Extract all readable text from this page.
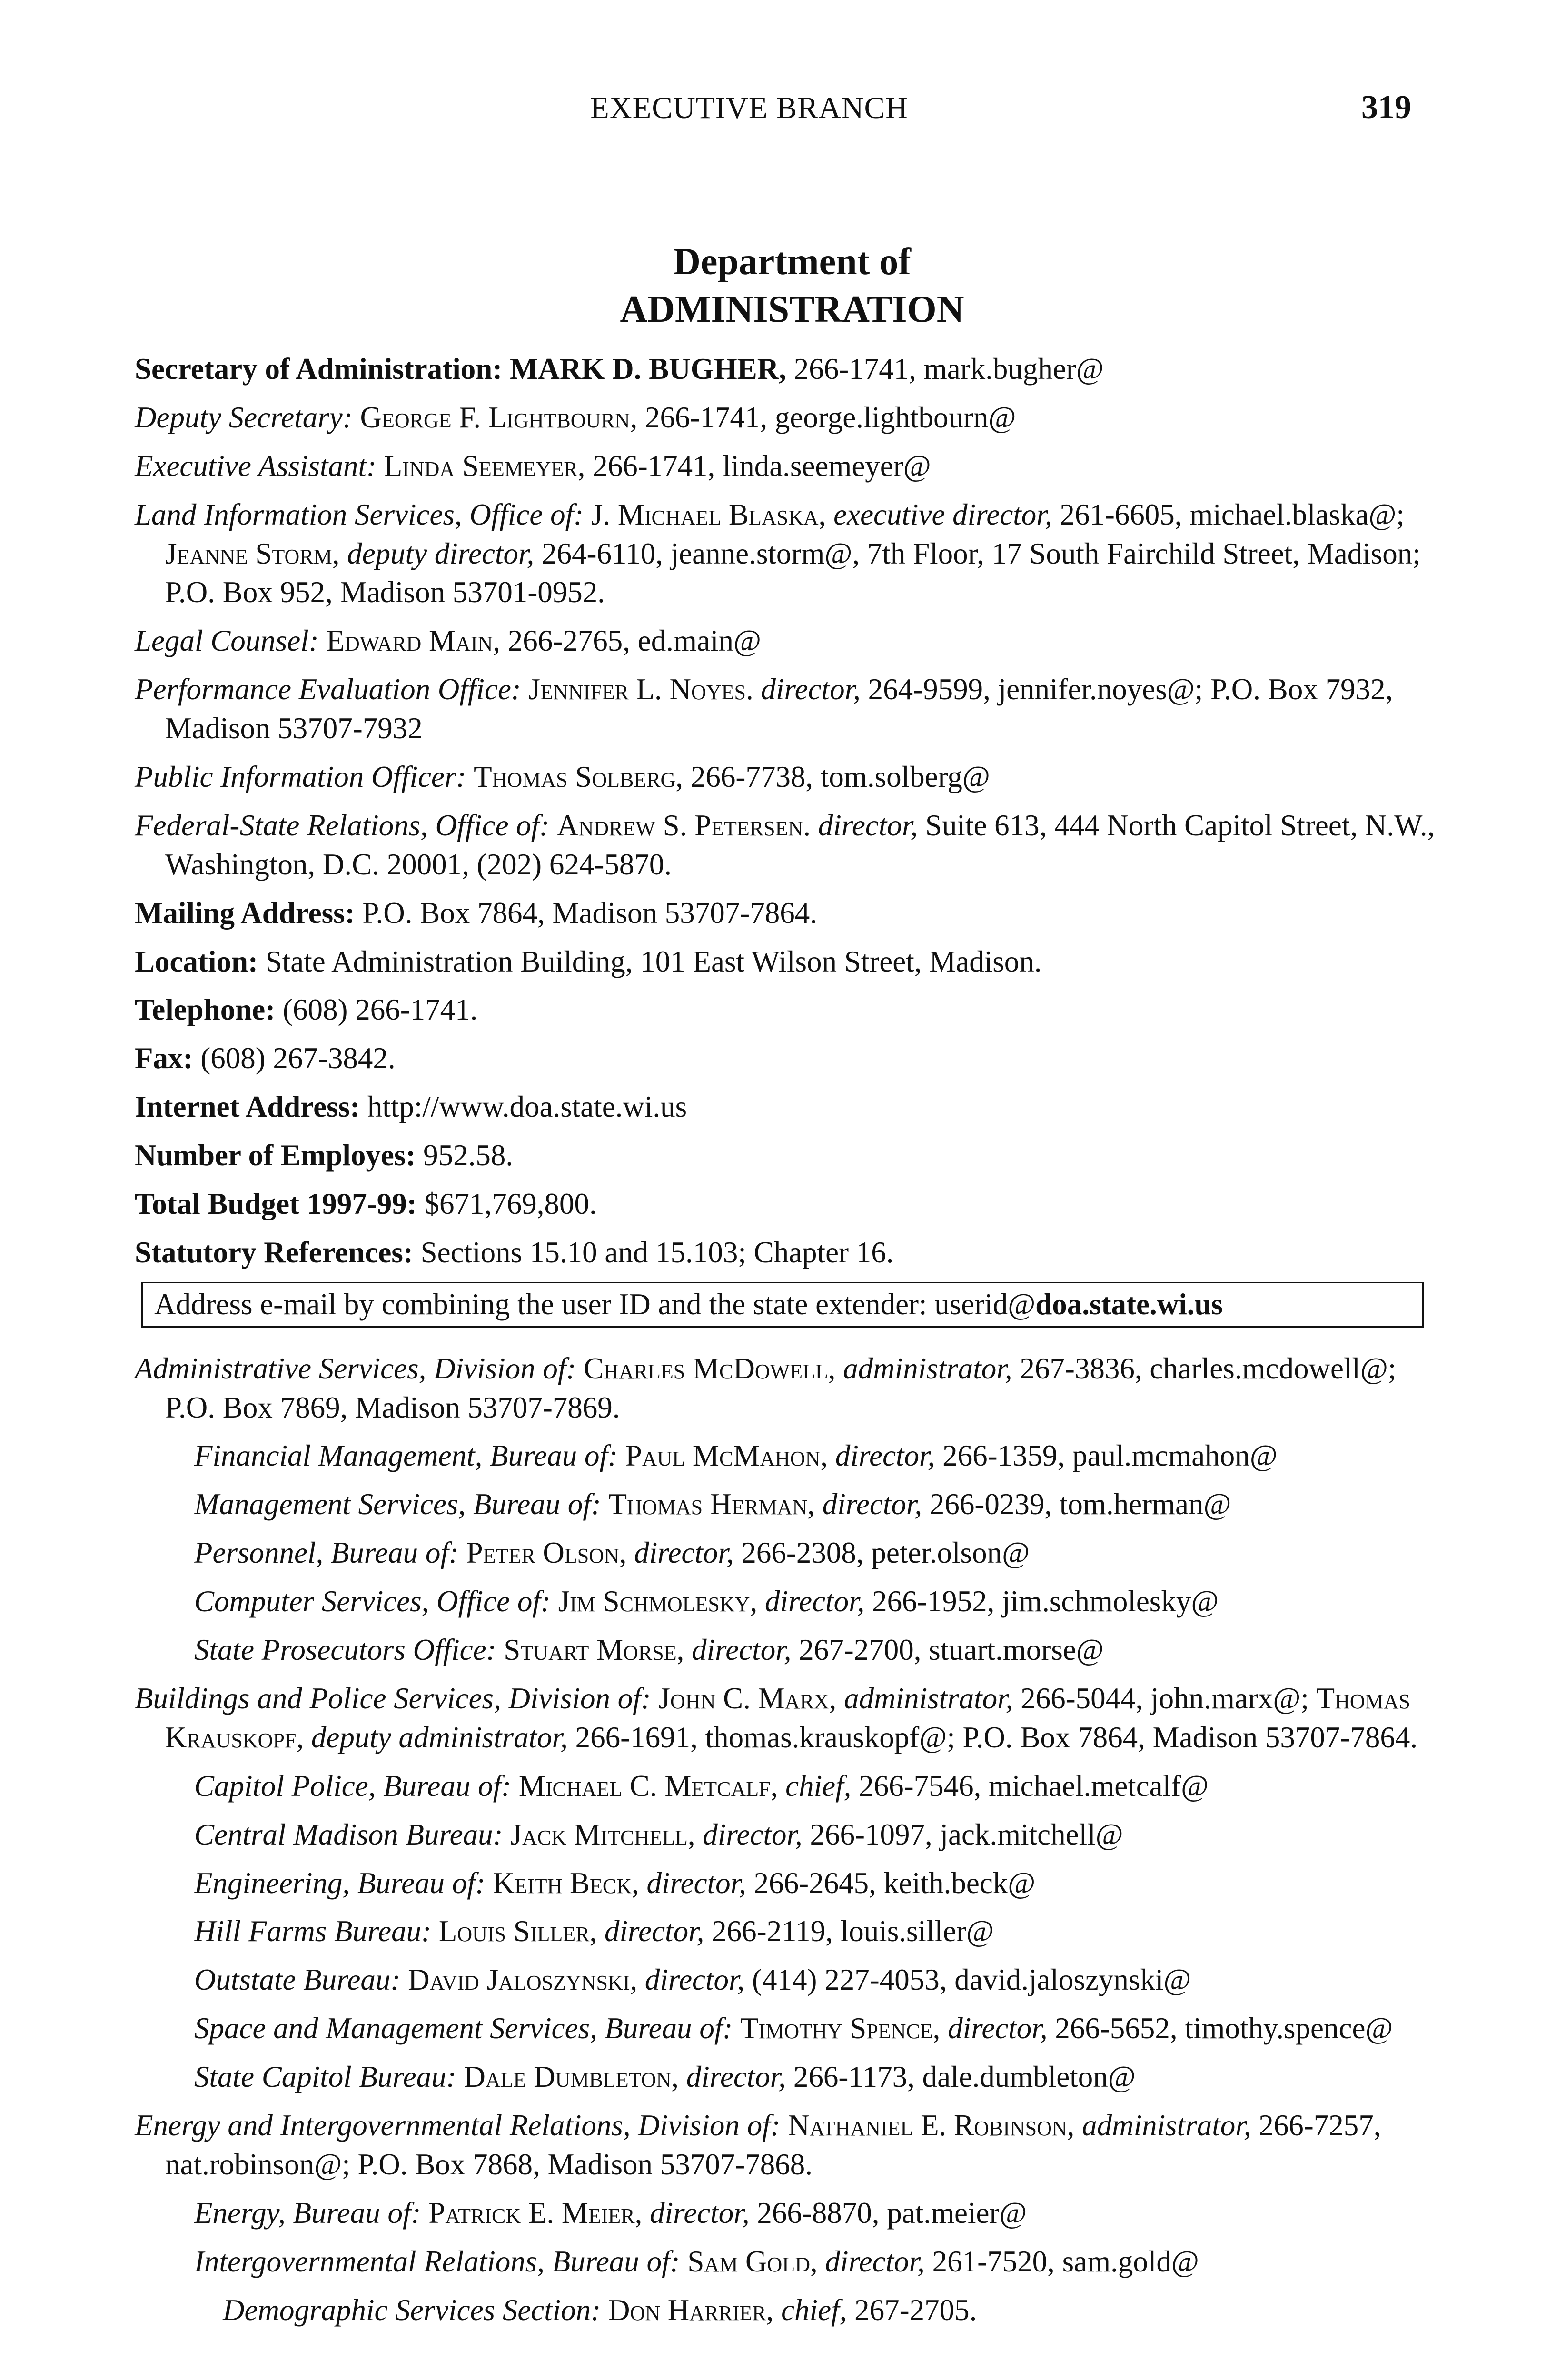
EXECUTIVE BRANCH	319
Department of
ADMINISTRATION
Secretary of Administration: MARK D. BUGHER, 266-1741, mark.bugher@
Deputy Secretary: George F. Lightbourn, 266-1741, george.lightbourn@
Executive Assistant: Linda Seemeyer, 266-1741, linda.seemeyer@
Land Information Services, Office of: J. Michael Blaska, executive director, 261-6605, michael.blaska@; Jeanne Storm, deputy director, 264-6110, jeanne.storm@, 7th Floor, 17 South Fairchild Street, Madison; P.O. Box 952, Madison 53701-0952.
Legal Counsel: Edward Main, 266-2765, ed.main@
Performance Evaluation Office: Jennifer L. Noyes. director, 264-9599, jennifer.noyes@; P.O. Box 7932, Madison 53707-7932
Public Information Officer: Thomas Solberg, 266-7738, tom.solberg@
Federal-State Relations, Office of: Andrew S. Petersen. director, Suite 613, 444 North Capitol Street, N.W., Washington, D.C. 20001, (202) 624-5870.
Mailing Address: P.O. Box 7864, Madison 53707-7864.
Location: State Administration Building, 101 East Wilson Street, Madison.
Telephone: (608) 266-1741.
Fax: (608) 267-3842.
Internet Address: http://www.doa.state.wi.us
Number of Employes: 952.58.
Total Budget 1997-99: $671,769,800.
Statutory References: Sections 15.10 and 15.103; Chapter 16.
Address e-mail by combining the user ID and the state extender: userid@doa.state.wi.us
Administrative Services, Division of: Charles McDowell, administrator, 267-3836, charles.mcdowell@; P.O. Box 7869, Madison 53707-7869.
Financial Management, Bureau of: Paul McMahon, director, 266-1359, paul.mcmahon@
Management Services, Bureau of: Thomas Herman, director, 266-0239, tom.herman@
Personnel, Bureau of: Peter Olson, director, 266-2308, peter.olson@
Computer Services, Office of: Jim Schmolesky, director, 266-1952, jim.schmolesky@
State Prosecutors Office: Stuart Morse, director, 267-2700, stuart.morse@
Buildings and Police Services, Division of: John C. Marx, administrator, 266-5044, john.marx@; Thomas Krauskopf, deputy administrator, 266-1691, thomas.krauskopf@; P.O. Box 7864, Madison 53707-7864.
Capitol Police, Bureau of: Michael C. Metcalf, chief, 266-7546, michael.metcalf@
Central Madison Bureau: Jack Mitchell, director, 266-1097, jack.mitchell@
Engineering, Bureau of: Keith Beck, director, 266-2645, keith.beck@
Hill Farms Bureau: Louis Siller, director, 266-2119, louis.siller@
Outstate Bureau: David Jaloszynski, director, (414) 227-4053, david.jaloszynski@
Space and Management Services, Bureau of: Timothy Spence, director, 266-5652, timothy.spence@
State Capitol Bureau: Dale Dumbleton, director, 266-1173, dale.dumbleton@
Energy and Intergovernmental Relations, Division of: Nathaniel E. Robinson, administrator, 266-7257, nat.robinson@; P.O. Box 7868, Madison 53707-7868.
Energy, Bureau of: Patrick E. Meier, director, 266-8870, pat.meier@
Intergovernmental Relations, Bureau of: Sam Gold, director, 261-7520, sam.gold@
Demographic Services Section: Don Harrier, chief, 267-2705.
